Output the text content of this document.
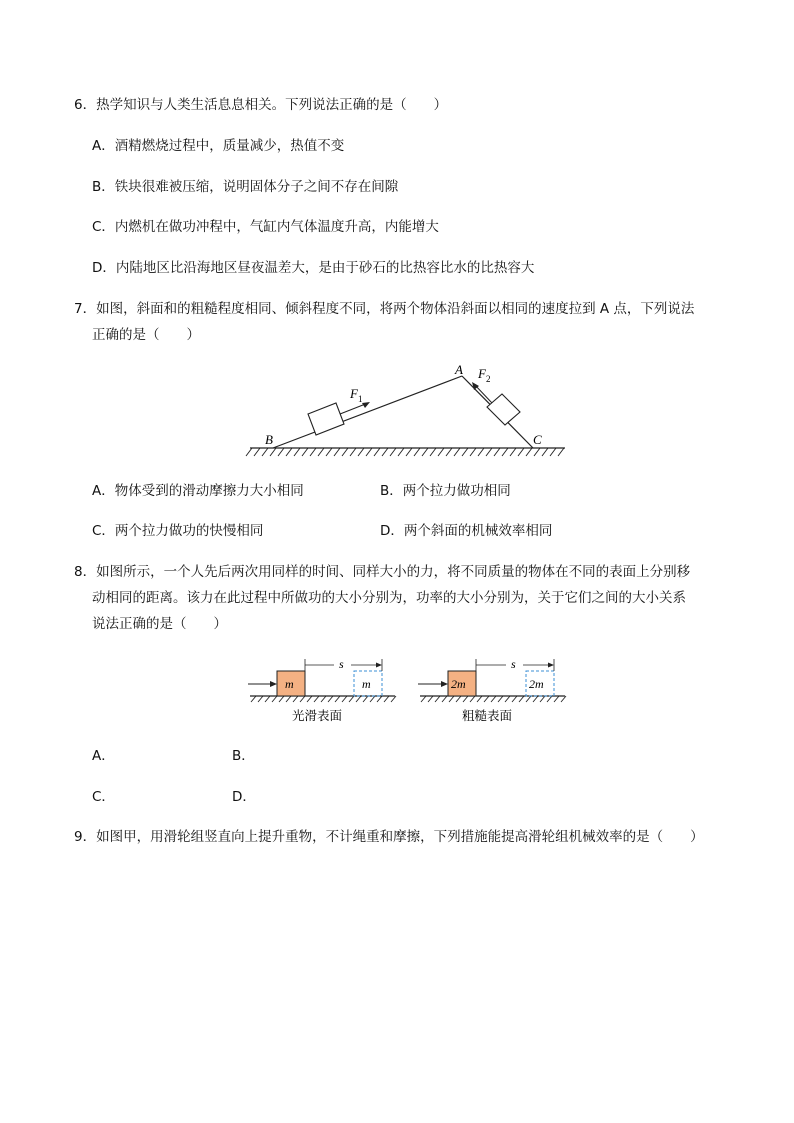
6．热学知识与人类生活息息相关。下列说法正确的是（　　）
A．酒精燃烧过程中，质量减少，热值不变
B．铁块很难被压缩，说明固体分子之间不存在间隙
C．内燃机在做功冲程中，气缸内气体温度升高，内能增大
D．内陆地区比沿海地区昼夜温差大，是由于砂石的比热容比水的比热容大
7．如图，斜面和的粗糙程度相同、倾斜程度不同，将两个物体沿斜面以相同的速度拉到 A 点，下列说法
正确的是（　　）
A
B	C
$F_1$
$F_2$
A．物体受到的滑动摩擦力大小相同	B．两个拉力做功相同
C．两个拉力做功的快慢相同	D．两个斜面的机械效率相同
8．如图所示，一个人先后两次用同样的时间、同样大小的力，将不同质量的物体在不同的表面上分别移
动相同的距离。该力在此过程中所做功的大小分别为，功率的大小分别为，关于它们之间的大小关系
说法正确的是（　　）
m	m
s
2m	2m
s
光滑表面	粗糙表面
A．	B．
C．	D．
9．如图甲，用滑轮组竖直向上提升重物，不计绳重和摩擦，下列措施能提高滑轮组机械效率的是（　　）
